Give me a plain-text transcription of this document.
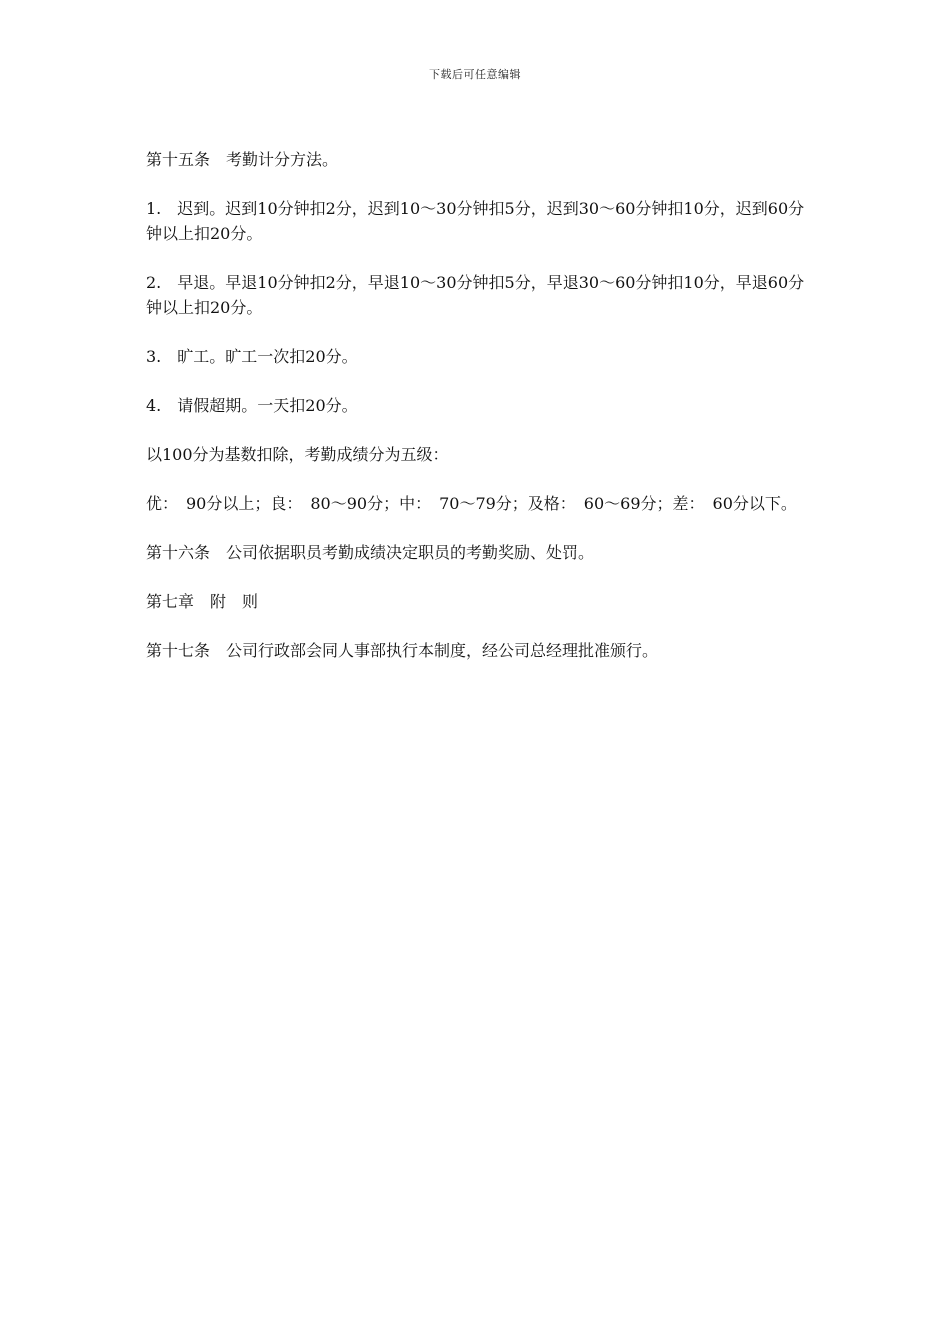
下载后可任意编辑

第十五条　考勤计分方法。

1.　迟到。迟到10分钟扣2分，迟到10～30分钟扣5分，迟到30～60分钟扣10分，迟到60分钟以上扣20分。

2.　早退。早退10分钟扣2分，早退10～30分钟扣5分，早退30～60分钟扣10分，早退60分钟以上扣20分。

3.　旷工。旷工一次扣20分。

4.　请假超期。一天扣20分。

以100分为基数扣除，考勤成绩分为五级：

优：　90分以上；良：　80～90分；中：　70～79分；及格：　60～69分；差：　60分以下。

第十六条　公司依据职员考勤成绩决定职员的考勤奖励、处罚。

第七章　附　则

第十七条　公司行政部会同人事部执行本制度，经公司总经理批准颁行。
